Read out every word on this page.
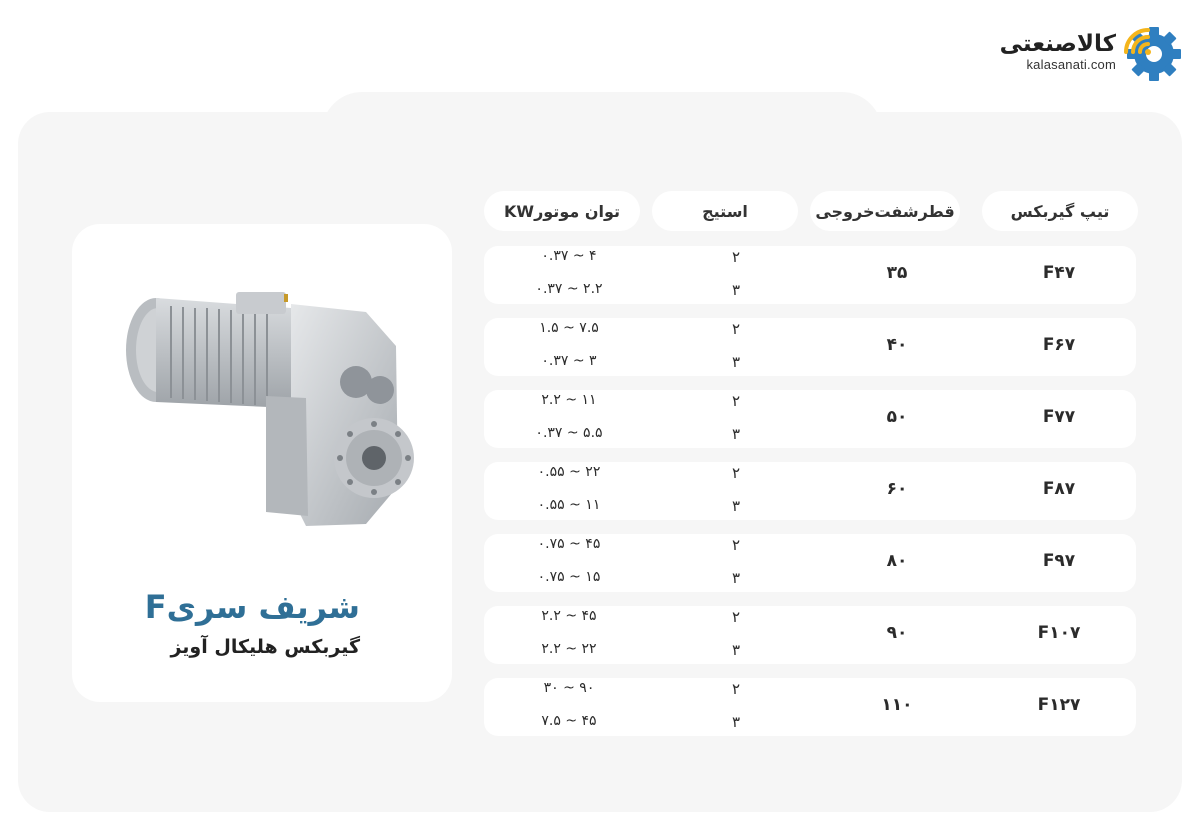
کالاصنعتی
kalasanati.com
شریف سریF
گیربکس هلیکال آویز
تیپ گیربکس
قطرشفت‌خروجی
استیج
توان موتورKW
F۴۷
۳۵
۲
۳
۰.۳۷ ~ ۴
۰.۳۷ ~ ۲.۲
F۶۷
۴۰
۲
۳
۱.۵ ~ ۷.۵
۰.۳۷ ~ ۳
F۷۷
۵۰
۲
۳
۲.۲ ~ ۱۱
۰.۳۷ ~ ۵.۵
F۸۷
۶۰
۲
۳
۰.۵۵ ~ ۲۲
۰.۵۵ ~ ۱۱
F۹۷
۸۰
۲
۳
۰.۷۵ ~ ۴۵
۰.۷۵ ~ ۱۵
F۱۰۷
۹۰
۲
۳
۲.۲ ~ ۴۵
۲.۲ ~ ۲۲
F۱۲۷
۱۱۰
۲
۳
۳۰ ~ ۹۰
۷.۵ ~ ۴۵
